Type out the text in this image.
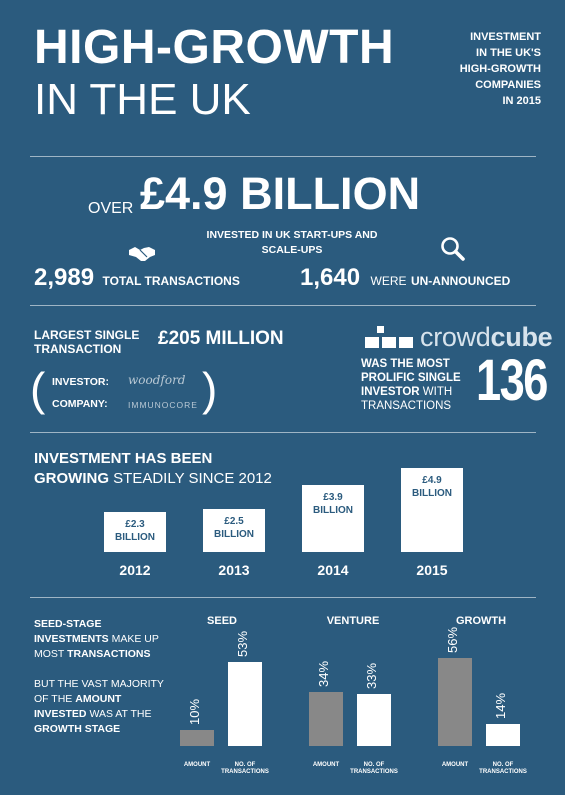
HIGH-GROWTH
IN THE UK
INVESTMENT
IN THE UK'S
HIGH-GROWTH
COMPANIES
IN 2015
OVER £4.9 BILLION
INVESTED IN UK START-UPS AND
SCALE-UPS
2,989 TOTAL TRANSACTIONS	1,640 WERE UN-ANNOUNCED
LARGEST SINGLE
TRANSACTION
£205 MILLION
(	)
INVESTOR: woodford
COMPANY: IMMUNOCORE
crowdcube
WAS THE MOST
PROLIFIC SINGLE
INVESTOR WITH
TRANSACTIONS 136
INVESTMENT HAS BEEN
GROWING STEADILY SINCE 2012
£2.3
BILLION
2012
£2.5
BILLION
2013
£3.9
BILLION
2014
£4.9
BILLION
2015
SEED-STAGE
INVESTMENTS MAKE UP
MOST TRANSACTIONS
BUT THE VAST MAJORITY
OF THE AMOUNT
INVESTED WAS AT THE
GROWTH STAGE
SEED
10%
AMOUNT
53%
NO. OF
TRANSACTIONS
VENTURE
34%
AMOUNT
33%
NO. OF
TRANSACTIONS
GROWTH
56%
AMOUNT
14%
NO. OF
TRANSACTIONS
